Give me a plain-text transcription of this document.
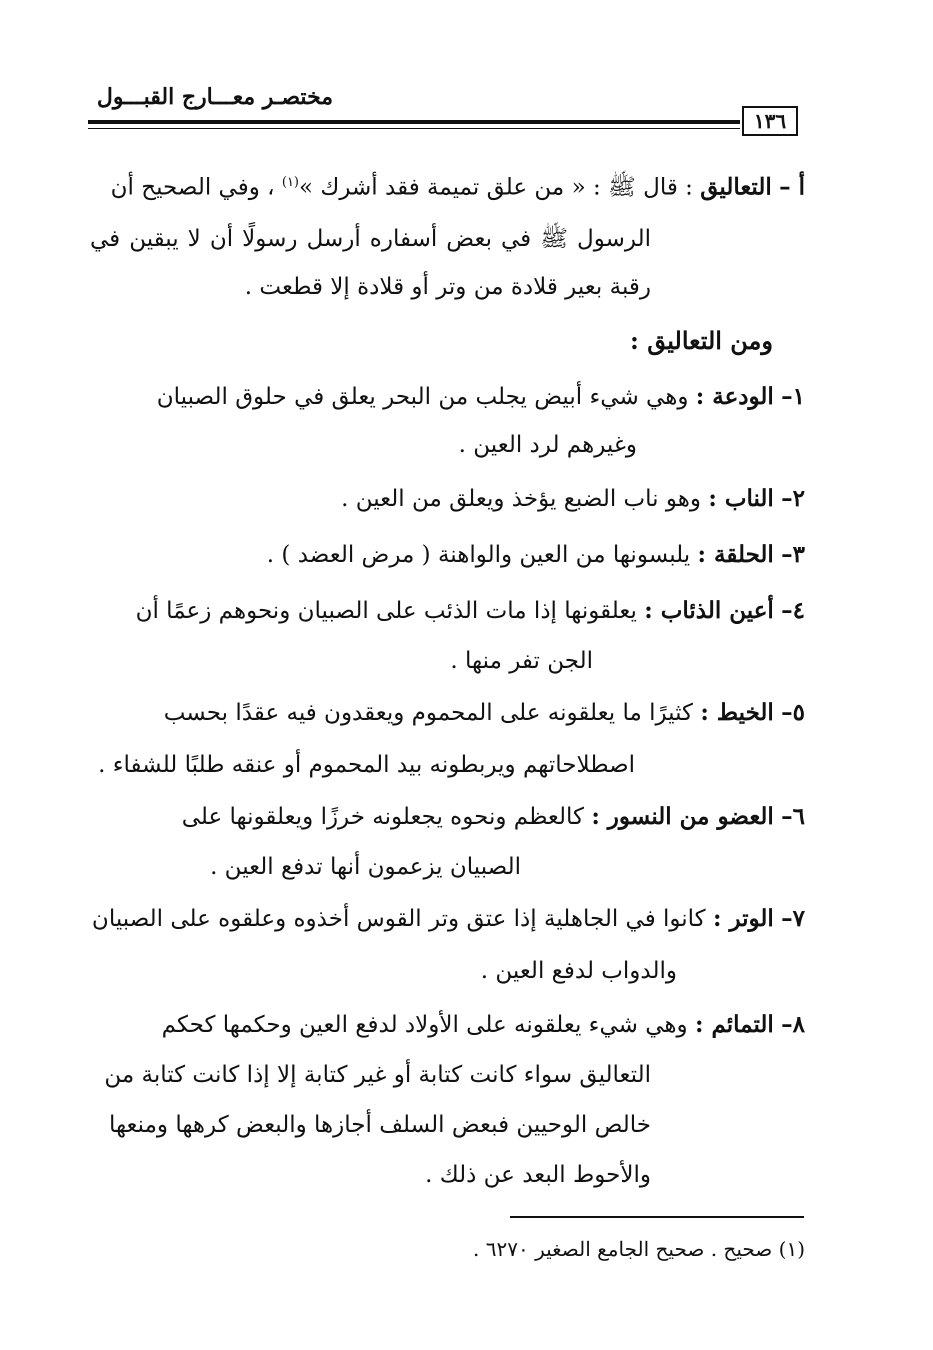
مختصـر معـــارج القبـــول
١٣٦
أ – التعاليق : قال ﷺ : « من علق تميمة فقد أشرك »$^{(١)}$ ، وفي الصحيح أن
الرسول ﷺ في بعض أسفاره أرسل رسولًا أن لا يبقين في
رقبة بعير قلادة من وتر أو قلادة إلا قطعت .
ومن التعاليق :
١– الودعة : وهي شيء أبيض يجلب من البحر يعلق في حلوق الصبيان
وغيرهم لرد العين .
٢– الناب : وهو ناب الضبع يؤخذ ويعلق من العين .
٣– الحلقة : يلبسونها من العين والواهنة ( مرض العضد ) .
٤– أعين الذئاب : يعلقونها إذا مات الذئب على الصبيان ونحوهم زعمًا أن
الجن تفر منها .
٥– الخيط : كثيرًا ما يعلقونه على المحموم ويعقدون فيه عقدًا بحسب
اصطلاحاتهم ويربطونه بيد المحموم أو عنقه طلبًا للشفاء .
٦– العضو من النسور : كالعظم ونحوه يجعلونه خرزًا ويعلقونها على
الصبيان يزعمون أنها تدفع العين .
٧– الوتر : كانوا في الجاهلية إذا عتق وتر القوس أخذوه وعلقوه على الصبيان
والدواب لدفع العين .
٨– التمائم : وهي شيء يعلقونه على الأولاد لدفع العين وحكمها كحكم
التعاليق سواء كانت كتابة أو غير كتابة إلا إذا كانت كتابة من
خالص الوحيين فبعض السلف أجازها والبعض كرهها ومنعها
والأحوط البعد عن ذلك .
(١) صحيح . صحيح الجامع الصغير ٦٢٧٠ .
